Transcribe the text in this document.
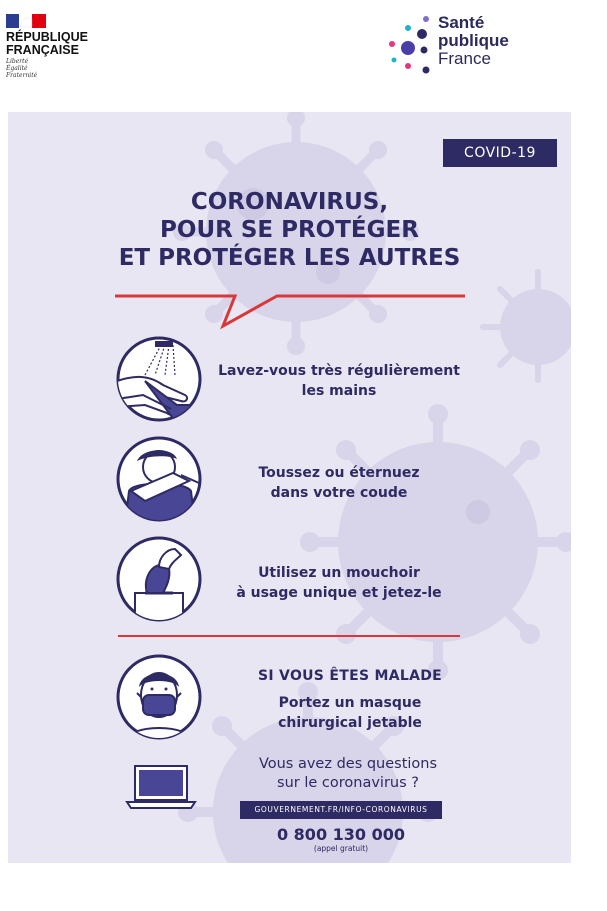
RÉPUBLIQUE
FRANÇAISE
Liberté
Égalité
Fraternité
Santé
publique
France
COVID-19
CORONAVIRUS,
POUR SE PROTÉGER
ET PROTÉGER LES AUTRES
Lavez-vous très régulièrement
les mains
Toussez ou éternuez
dans votre coude
Utilisez un mouchoir
à usage unique et jetez-le
SI VOUS ÊTES MALADE
Portez un masque
chirurgical jetable
Vous avez des questions
sur le coronavirus ?
GOUVERNEMENT.FR/INFO-CORONAVIRUS
0 800 130 000
(appel gratuit)
